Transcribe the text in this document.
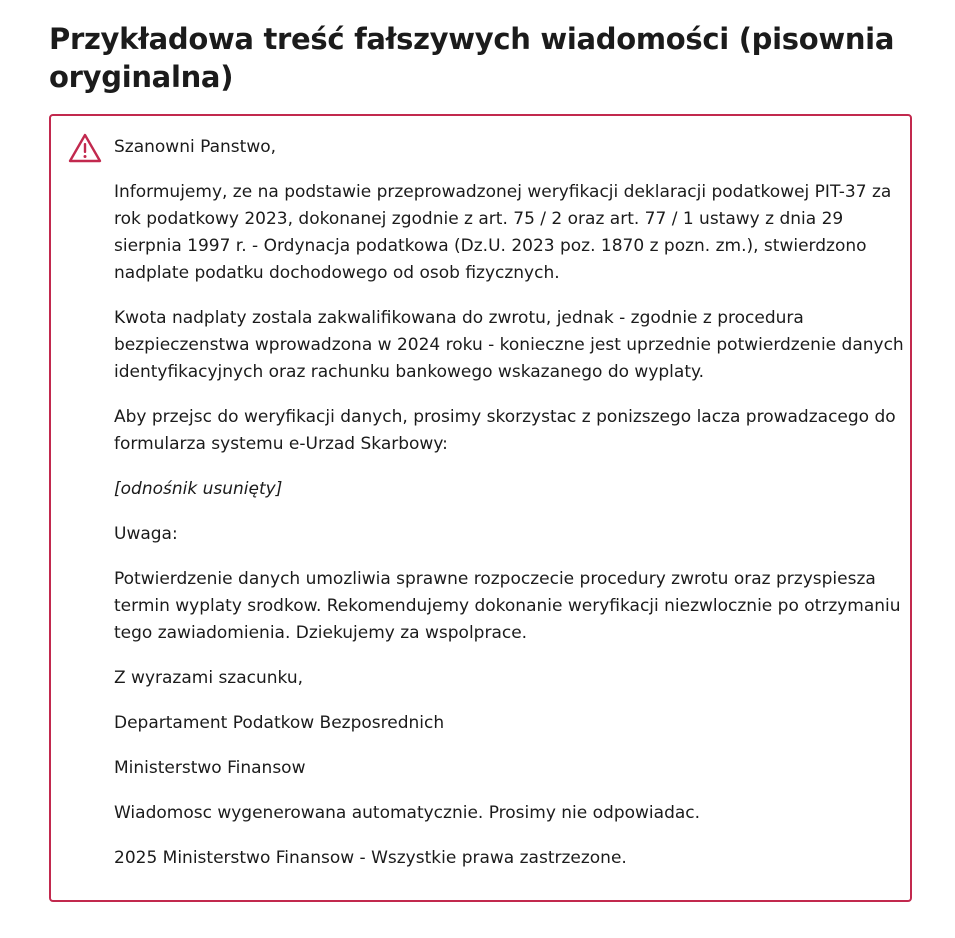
Przykładowa treść fałszywych wiadomości (pisownia oryginalna)

Szanowni Panstwo,

Informujemy, ze na podstawie przeprowadzonej weryfikacji deklaracji podatkowej PIT-37 za rok podatkowy 2023, dokonanej zgodnie z art. 75 / 2 oraz art. 77 / 1 ustawy z dnia 29 sierpnia 1997 r. - Ordynacja podatkowa (Dz.U. 2023 poz. 1870 z pozn. zm.), stwierdzono nadplate podatku dochodowego od osob fizycznych.

Kwota nadplaty zostala zakwalifikowana do zwrotu, jednak - zgodnie z procedura bezpieczenstwa wprowadzona w 2024 roku - konieczne jest uprzednie potwierdzenie danych identyfikacyjnych oraz rachunku bankowego wskazanego do wyplaty.

Aby przejsc do weryfikacji danych, prosimy skorzystac z ponizszego lacza prowadzacego do formularza systemu e-Urzad Skarbowy:

[odnośnik usunięty]

Uwaga:

Potwierdzenie danych umozliwia sprawne rozpoczecie procedury zwrotu oraz przyspiesza termin wyplaty srodkow. Rekomendujemy dokonanie weryfikacji niezwlocznie po otrzymaniu tego zawiadomienia. Dziekujemy za wspolprace.

Z wyrazami szacunku,

Departament Podatkow Bezposrednich

Ministerstwo Finansow

Wiadomosc wygenerowana automatycznie. Prosimy nie odpowiadac.

2025 Ministerstwo Finansow - Wszystkie prawa zastrzezone.
